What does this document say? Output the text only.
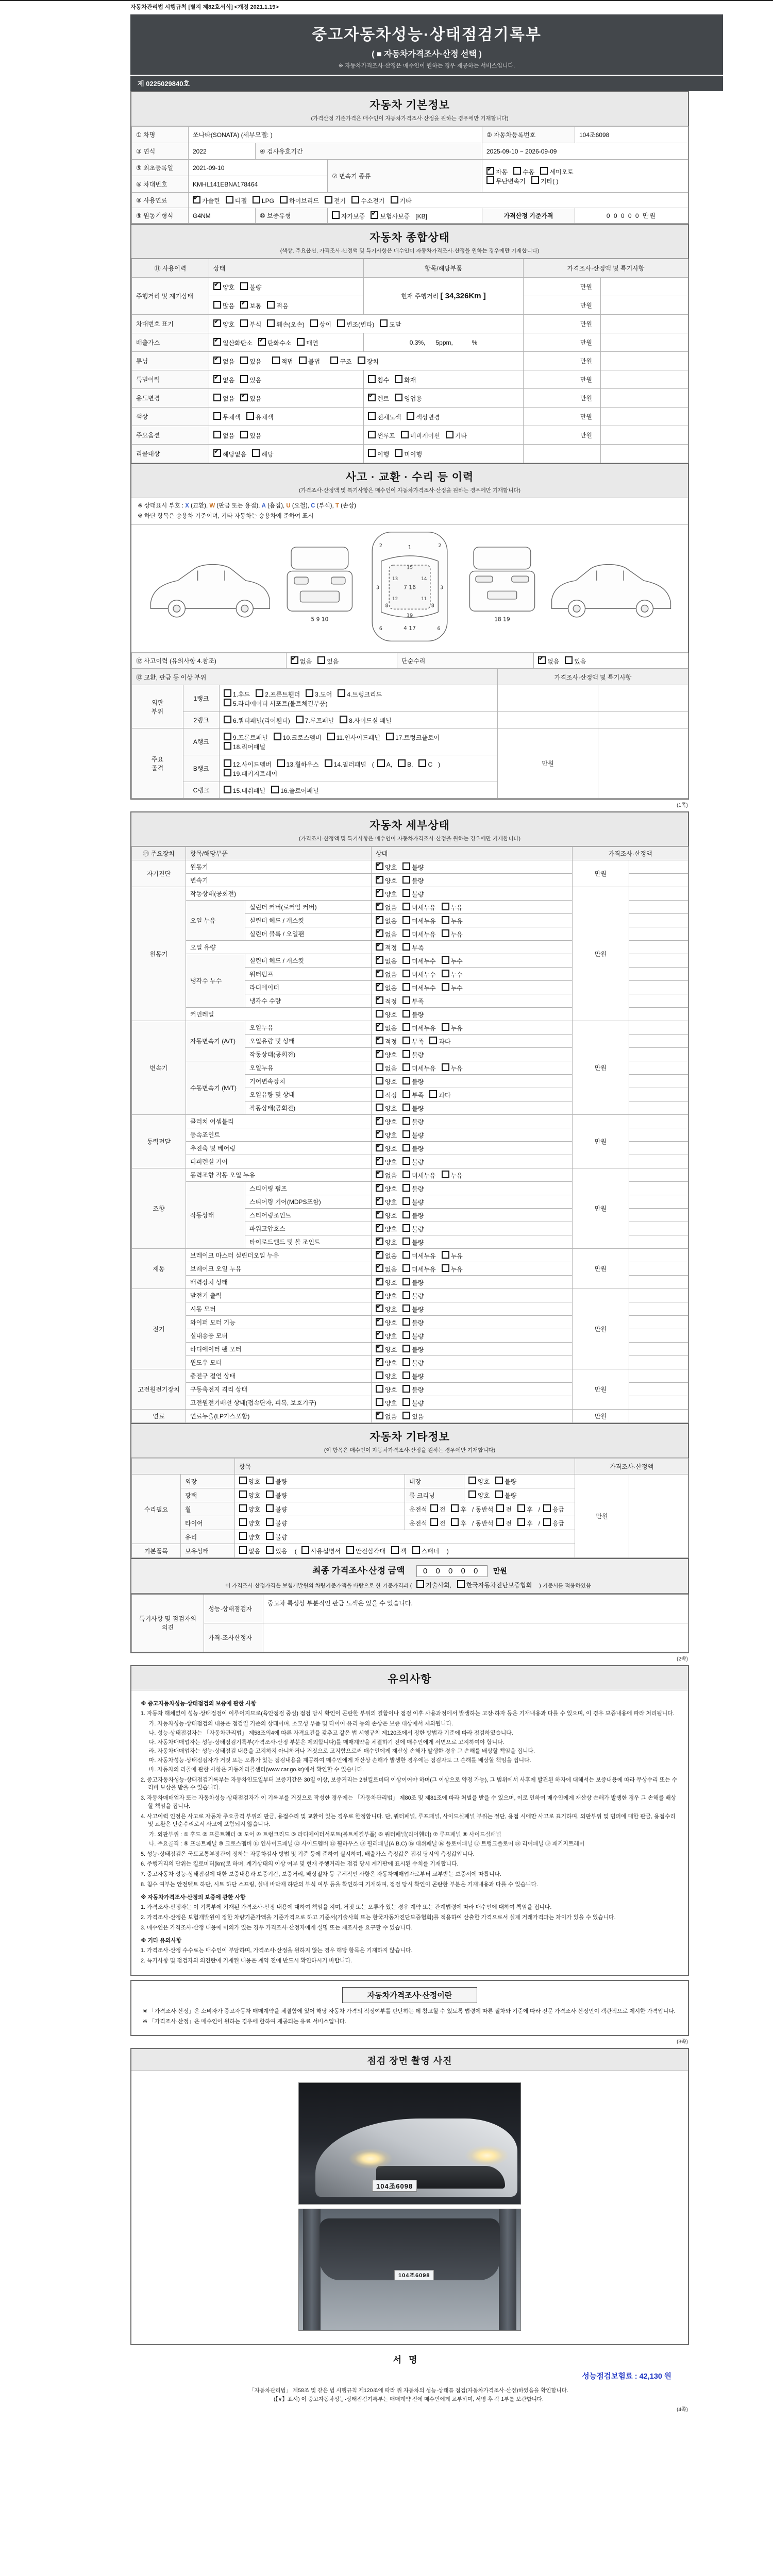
자동차관리법 시행규칙 [별지 제82호서식] <개정 2021.1.19>
중고자동차성능·상태점검기록부
( ■ 자동차가격조사·산정 선택 )
※ 자동차가격조사·산정은 매수인이 원하는 경우 제공하는 서비스입니다.
제 0225029840호
자동차 기본정보
(가격산정 기준가격은 매수인이 자동차가격조사·산정을 원하는 경우에만 기재합니다)
① 차명	쏘나타(SONATA) (세부모델: )			② 자동차등록번호	104조6098
③ 연식	2022	④ 검사유효기간		2025-09-10 ~ 2026-09-09	
⑤ 최초등록일	2021-09-10		⑦ 변속기 종류	✔자동 수동 세미오토
무단변속기 기타( )
⑥ 차대번호	KMHL141EBNA178464				
⑧ 사용연료	✔가솔린 디젤 LPG 하이브리드 전기 수소전기 기타
⑨ 원동기형식	G4NM	⑩ 보증유형	자가보증 ✔ 보험사보증 [KB]	가격산정 기준가격	0 0 0 0 0 만원
자동차 종합상태
(색상, 주요옵션, 가격조사·산정액 및 특기사항은 매수인이 자동차가격조사·산정을 원하는 경우에만 기재합니다)
⑪ 사용이력	상태	항목/해당부품	가격조사·산정액 및 특기사항	
주행거리 및 계기상태	✔양호 불량	현재 주행거리 [ 34,326Km ]	만원	
	많음 ✔ 보통 적음		만원	
차대번호 표기	✔양호 부식 훼손(오손) 상이 변조(변타) 도말		만원	
배출가스	✔일산화탄소 ✔ 탄화수소 매연	0.3%,      5ppm,           %	만원	
튜닝	✔없음 있음 적법 불법 구조 장치		만원	
특별이력	✔없음 있음	침수 화재	만원	
용도변경	없음 ✔ 있음	✔렌트 영업용	만원	
색상	무채색 유채색	전체도색 색상변경	만원	
주요옵션	없음 있음	썬루프 네비게이션 기타	만원	
리콜대상	✔해당없음 해당	이행 미이행		
사고 · 교환 · 수리 등 이력
(가격조사·산정액 및 특기사항은 매수인이 자동차가격조사·산정을 원하는 경우에만 기재합니다)
※ 상태표시 부호 : X (교환), W (판금 또는 용접), A (흠집), U (요철), C (부식), T (손상)
※ 하단 항목은 승용차 기준이며, 기타 자동차는 승용차에 준하여 표시
5 9 10
1
7 16
4 17
2	2
3	3
6	6
8	8
15
19
13	14
12	11
18 19
⑫ 사고이력 (유의사항 4.참조)	✔없음 있음	단순수리	✔없음 있음
⑬ 교환, 판금 등 이상 부위			가격조사·산정액 및 특기사항	
외판
부위	1랭크	1.후드 2.프론트휀더 3.도어 4.트렁크리드
5.라디에이터 서포트(볼트체결부품)		
	2랭크	6.쿼터패널(리어휀더) 7.루프패널 8.사이드실 패널		
주요
골격	A랭크	9.프론트패널 10.크로스멤버 11.인사이드패널 17.트렁크플로어
18.리어패널	만원	
	B랭크	12.사이드멤버 13.휠하우스 14.필러패널 ( A, B, C )
19.패키지트레이		
	C랭크	15.대쉬패널 16.플로어패널		
(1쪽)
자동차 세부상태
(가격조사·산정액 및 특기사항은 매수인이 자동차가격조사·산정을 원하는 경우에만 기재합니다)
⑭ 주요장치	항목/해당부품		상태	가격조사·산정액	
자기진단	원동기	✔양호 불량	만원	
	변속기	✔양호 불량	
원동기	작동상태(공회전)	✔양호 불량	만원	
	오일 누유	실린더 커버(로커암 커버)	✔없음 미세누유 누유	
		실린더 헤드 / 개스킷	✔없음 미세누유 누유	
		실린더 블록 / 오일팬	✔없음 미세누유 누유	
	오일 유량	✔적정 부족	
	냉각수 누수	실린더 헤드 / 개스킷	✔없음 미세누수 누수	
		워터펌프	✔없음 미세누수 누수	
		라디에이터	✔없음 미세누수 누수	
		냉각수 수량	✔적정 부족	
	커먼레일		양호 불량		
변속기	자동변속기 (A/T)	오일누유	✔없음 미세누유 누유	만원	
		오일유량 및 상태	✔적정 부족 과다	
		작동상태(공회전)	✔양호 불량	
	수동변속기 (M/T)	오일누유	없음 미세누유 누유		
		기어변속장치	양호 불량		
		오일유량 및 상태	적정 부족 과다		
		작동상태(공회전)	양호 불량		
동력전달	클러치 어셈블리	✔양호 불량	만원	
	등속죠인트	✔양호 불량	
	추진축 및 베어링	✔양호 불량	
	디퍼렌셜 기어	✔양호 불량	
조향	동력조향 작동 오일 누유	✔없음 미세누유 누유	만원	
	작동상태	스티어링 펌프	✔양호 불량	
		스티어링 기어(MDPS포함)	✔양호 불량	
		스티어링조인트	✔양호 불량	
		파워고압호스	✔양호 불량	
		타이로드엔드 및 볼 조인트	✔양호 불량	
제동	브레이크 마스터 실린더오일 누유	✔없음 미세누유 누유	만원	
	브레이크 오일 누유	✔없음 미세누유 누유	
	배력장치 상태	✔양호 불량	
전기	발전기 출력	✔양호 불량	만원	
	시동 모터	✔양호 불량	
	와이퍼 모터 기능	✔양호 불량	
	실내송풍 모터	✔양호 불량	
	라디에이터 팬 모터	✔양호 불량	
	윈도우 모터	✔양호 불량	
고전원전기장치	충전구 절연 상태		양호 불량	만원	
	구동축전지 격리 상태		양호 불량		
	고전원전기배선 상태(접속단자, 피복, 보호기구)		양호 불량		
연료	연료누출(LP가스포함)	✔없음 있음	만원	
자동차 기타정보
(이 항목은 매수인이 자동차가격조사·산정을 원하는 경우에만 기재합니다)
		항목			가격조사·산정액	
수리필요	외장	양호 불량	내장	양호 불량	만원	
	광택	양호 불량	룸 크리닝	양호 불량		
	휠	양호 불량	운전석 전 후 / 동반석 전 후 / 응급			
	타이어	양호 불량	운전석 전 후 / 동반석 전 후 / 응급			
	유리	양호 불량				
기본품목	보유상태	없음 있음 ( 사용설명서 안전삼각대 잭 스패너 )				
최종 가격조사·산정 금액 0 0 0 0 0 만원
이 가격조사·산정가격은 보험개발원의 차량기준가액을 바탕으로 한 기준가격과 ( 기술사회, 한국자동차진단보증협회 ) 기준서를 적용하였음
특기사항 및 점검자의 의견	성능·상태점검자	중고차 특성상 부분적인 판금 도색은 있을 수 있습니다.
	가격·조사산정자	
(2쪽)
유의사항
※ 중고자동차성능·상태점검의 보증에 관한 사항
1. 자동차 해체없이 성능·상태점검이 이루어지므로(육안점검 중심) 점검 당시 확인이 곤란한 부위의 결함이나 점검 이후 사용과정에서 발생하는 고장·하자 등은 기재내용과 다를 수 있으며, 이 경우 보증내용에 따라 처리됩니다.
가. 자동차성능·상태점검의 내용은 점검일 기준의 상태이며, 소모성 부품 및 타이어·유리 등의 손상은 보증 대상에서 제외됩니다.
나. 성능·상태점검자는 「자동차관리법」 제58조의4에 따른 자격요건을 갖추고 같은 법 시행규칙 제120조에서 정한 방법과 기준에 따라 점검하였습니다.
다. 자동차매매업자는 성능·상태점검기록부(가격조사·산정 부분은 제외합니다)를 매매계약을 체결하기 전에 매수인에게 서면으로 고지하여야 합니다.
라. 자동차매매업자는 성능·상태점검 내용을 고지하지 아니하거나 거짓으로 고지함으로써 매수인에게 재산상 손해가 발생한 경우 그 손해를 배상할 책임을 집니다.
마. 자동차성능·상태점검자가 거짓 또는 오류가 있는 점검내용을 제공하여 매수인에게 재산상 손해가 발생한 경우에는 점검자도 그 손해를 배상할 책임을 집니다.
바. 자동차의 리콜에 관한 사항은 자동차리콜센터(www.car.go.kr)에서 확인할 수 있습니다.
2. 중고자동차성능·상태점검기록부는 자동차인도일부터 보증기간은 30일 이상, 보증거리는 2천킬로미터 이상이어야 하며(그 이상으로 약정 가능), 그 범위에서 사후에 발견된 하자에 대해서는 보증내용에 따라 무상수리 또는 수리비 보상을 받을 수 있습니다.
3. 자동차매매업자 또는 자동차성능·상태점검자가 이 기록부를 거짓으로 작성한 경우에는 「자동차관리법」 제80조 및 제81조에 따라 처벌을 받을 수 있으며, 이로 인하여 매수인에게 재산상 손해가 발생한 경우 그 손해를 배상할 책임을 집니다.
4. 사고이력 인정은 사고로 자동차 주요골격 부위의 판금, 용접수리 및 교환이 있는 경우로 한정합니다. 단, 쿼터패널, 루프패널, 사이드실패널 부위는 절단, 용접 시에만 사고로 표기하며, 외판부위 및 범퍼에 대한 판금, 용접수리 및 교환은 단순수리로서 사고에 포함되지 않습니다.
가. 외판부위 : ① 후드 ② 프론트휀더 ③ 도어 ④ 트렁크리드 ⑤ 라디에이터서포트(볼트체결부품) ⑥ 쿼터패널(리어휀더) ⑦ 루프패널 ⑧ 사이드실패널
나. 주요골격 : ⑨ 프론트패널 ⑩ 크로스멤버 ⑪ 인사이드패널 ⑫ 사이드멤버 ⑬ 휠하우스 ⑭ 필러패널(A,B,C) ⑮ 대쉬패널 ⑯ 플로어패널 ⑰ 트렁크플로어 ⑱ 리어패널 ⑲ 패키지트레이
5. 성능·상태점검은 국토교통부장관이 정하는 자동차검사 방법 및 기준 등에 준하여 실시하며, 배출가스 측정값은 점검 당시의 측정값입니다.
6. 주행거리의 단위는 킬로미터(km)로 하며, 계기상태의 이상 여부 및 현재 주행거리는 점검 당시 계기판에 표시된 수치를 기재합니다.
7. 중고자동차 성능·상태점검에 대한 보증내용과 보증기간, 보증거리, 배상절차 등 구체적인 사항은 자동차매매업자로부터 교부받는 보증서에 따릅니다.
8. 침수 여부는 안전벨트 하단, 시트 하단 스프링, 실내 바닥재 하단의 부식 여부 등을 확인하여 기재하며, 점검 당시 확인이 곤란한 부분은 기재내용과 다를 수 있습니다.
※ 자동차가격조사·산정의 보증에 관한 사항
1. 가격조사·산정자는 이 기록부에 기재된 가격조사·산정 내용에 대하여 책임을 지며, 거짓 또는 오류가 있는 경우 계약 또는 관계법령에 따라 매수인에 대하여 책임을 집니다.
2. 가격조사·산정은 보험개발원이 정한 차량기준가액을 기준가격으로 하고 기준서(기술사회 또는 한국자동차진단보증협회)를 적용하여 산출한 가격으로서 실제 거래가격과는 차이가 있을 수 있습니다.
3. 매수인은 가격조사·산정 내용에 이의가 있는 경우 가격조사·산정자에게 설명 또는 재조사를 요구할 수 있습니다.
※ 기타 유의사항
1. 가격조사·산정 수수료는 매수인이 부담하며, 가격조사·산정을 원하지 않는 경우 해당 항목은 기재하지 않습니다.
2. 특기사항 및 점검자의 의견란에 기재된 내용은 계약 전에 반드시 확인하시기 바랍니다.
자동차가격조사·산정이란
※ 「가격조사·산정」은 소비자가 중고자동차 매매계약을 체결함에 있어 해당 자동차 가격의 적정여부를 판단하는 데 참고할 수 있도록 법령에 따른 절차와 기준에 따라 전문 가격조사·산정인이 객관적으로 제시한 가격입니다.
※ 「가격조사·산정」은 매수인이 원하는 경우에 한하여 제공되는 유료 서비스입니다.
(3쪽)
점검 장면 촬영 사진
104조6098
104조6098
서명
성능점검보험료 : 42,130 원
「자동차관리법」 제58조 및 같은 법 시행규칙 제120조에 따라 위 자동차의 성능·상태를 점검(자동차가격조사·산정)하였음을 확인합니다.
(【∨】표시) 이 중고자동차성능·상태점검기록부는 매매계약 전에 매수인에게 교부하며, 서명 후 각 1부를 보관합니다.
(4쪽)
